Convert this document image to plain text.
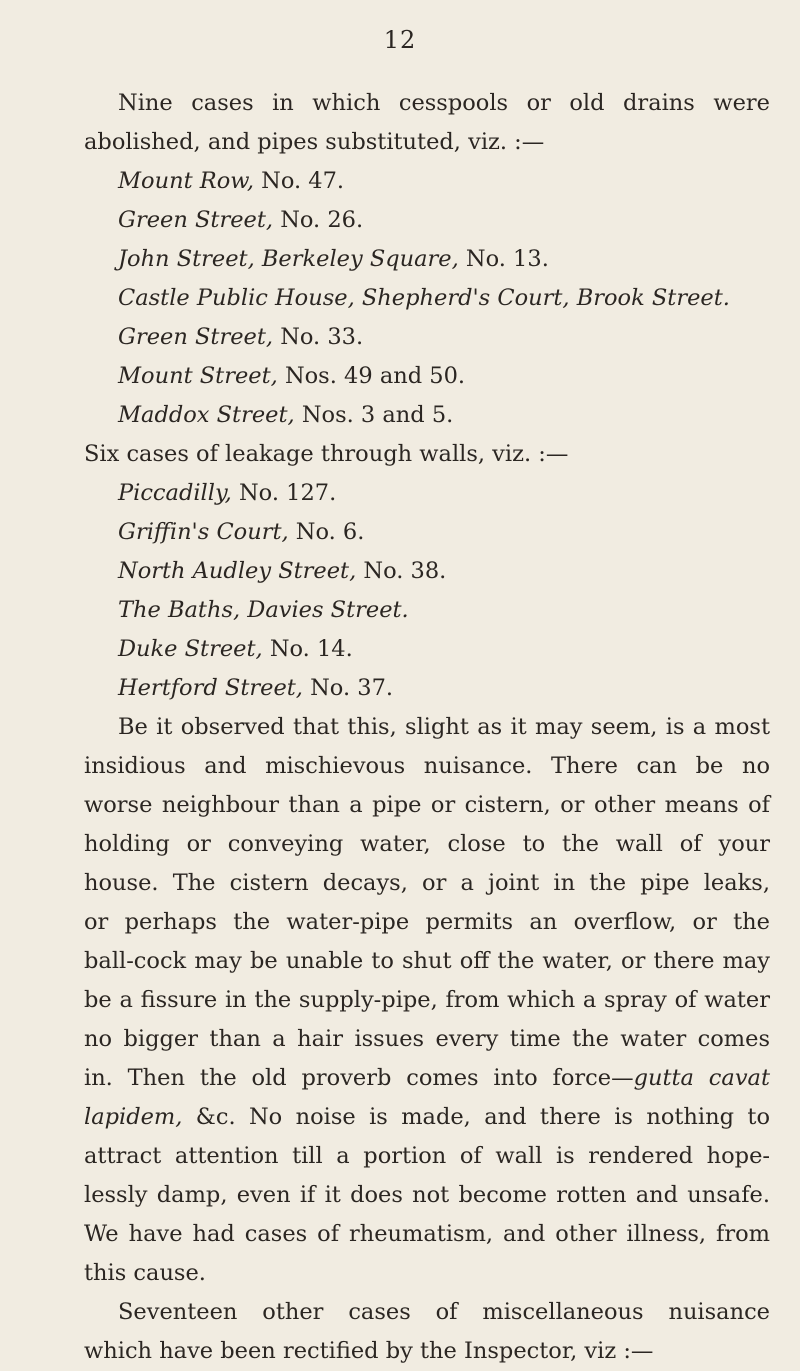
12
Nine cases in which cesspools or old drains were
abolished, and pipes substituted, viz. :—
Mount Row, No. 47.
Green Street, No. 26.
John Street, Berkeley Square, No. 13.
Castle Public House, Shepherd's Court, Brook Street.
Green Street, No. 33.
Mount Street, Nos. 49 and 50.
Maddox Street, Nos. 3 and 5.
Six cases of leakage through walls, viz. :—
Piccadilly, No. 127.
Griffin's Court, No. 6.
North Audley Street, No. 38.
The Baths, Davies Street.
Duke Street, No. 14.
Hertford Street, No. 37.
Be it observed that this, slight as it may seem, is a most
insidious and mischievous nuisance. There can be no
worse neighbour than a pipe or cistern, or other means of
holding or conveying water, close to the wall of your
house. The cistern decays, or a joint in the pipe leaks,
or perhaps the water-pipe permits an overflow, or the
ball-cock may be unable to shut off the water, or there may
be a fissure in the supply-pipe, from which a spray of water
no bigger than a hair issues every time the water comes
in. Then the old proverb comes into force—gutta cavat
lapidem, &c. No noise is made, and there is nothing to
attract attention till a portion of wall is rendered hope-
lessly damp, even if it does not become rotten and unsafe.
We have had cases of rheumatism, and other illness, from
this cause.
Seventeen other cases of miscellaneous nuisance
which have been rectified by the Inspector, viz :—
